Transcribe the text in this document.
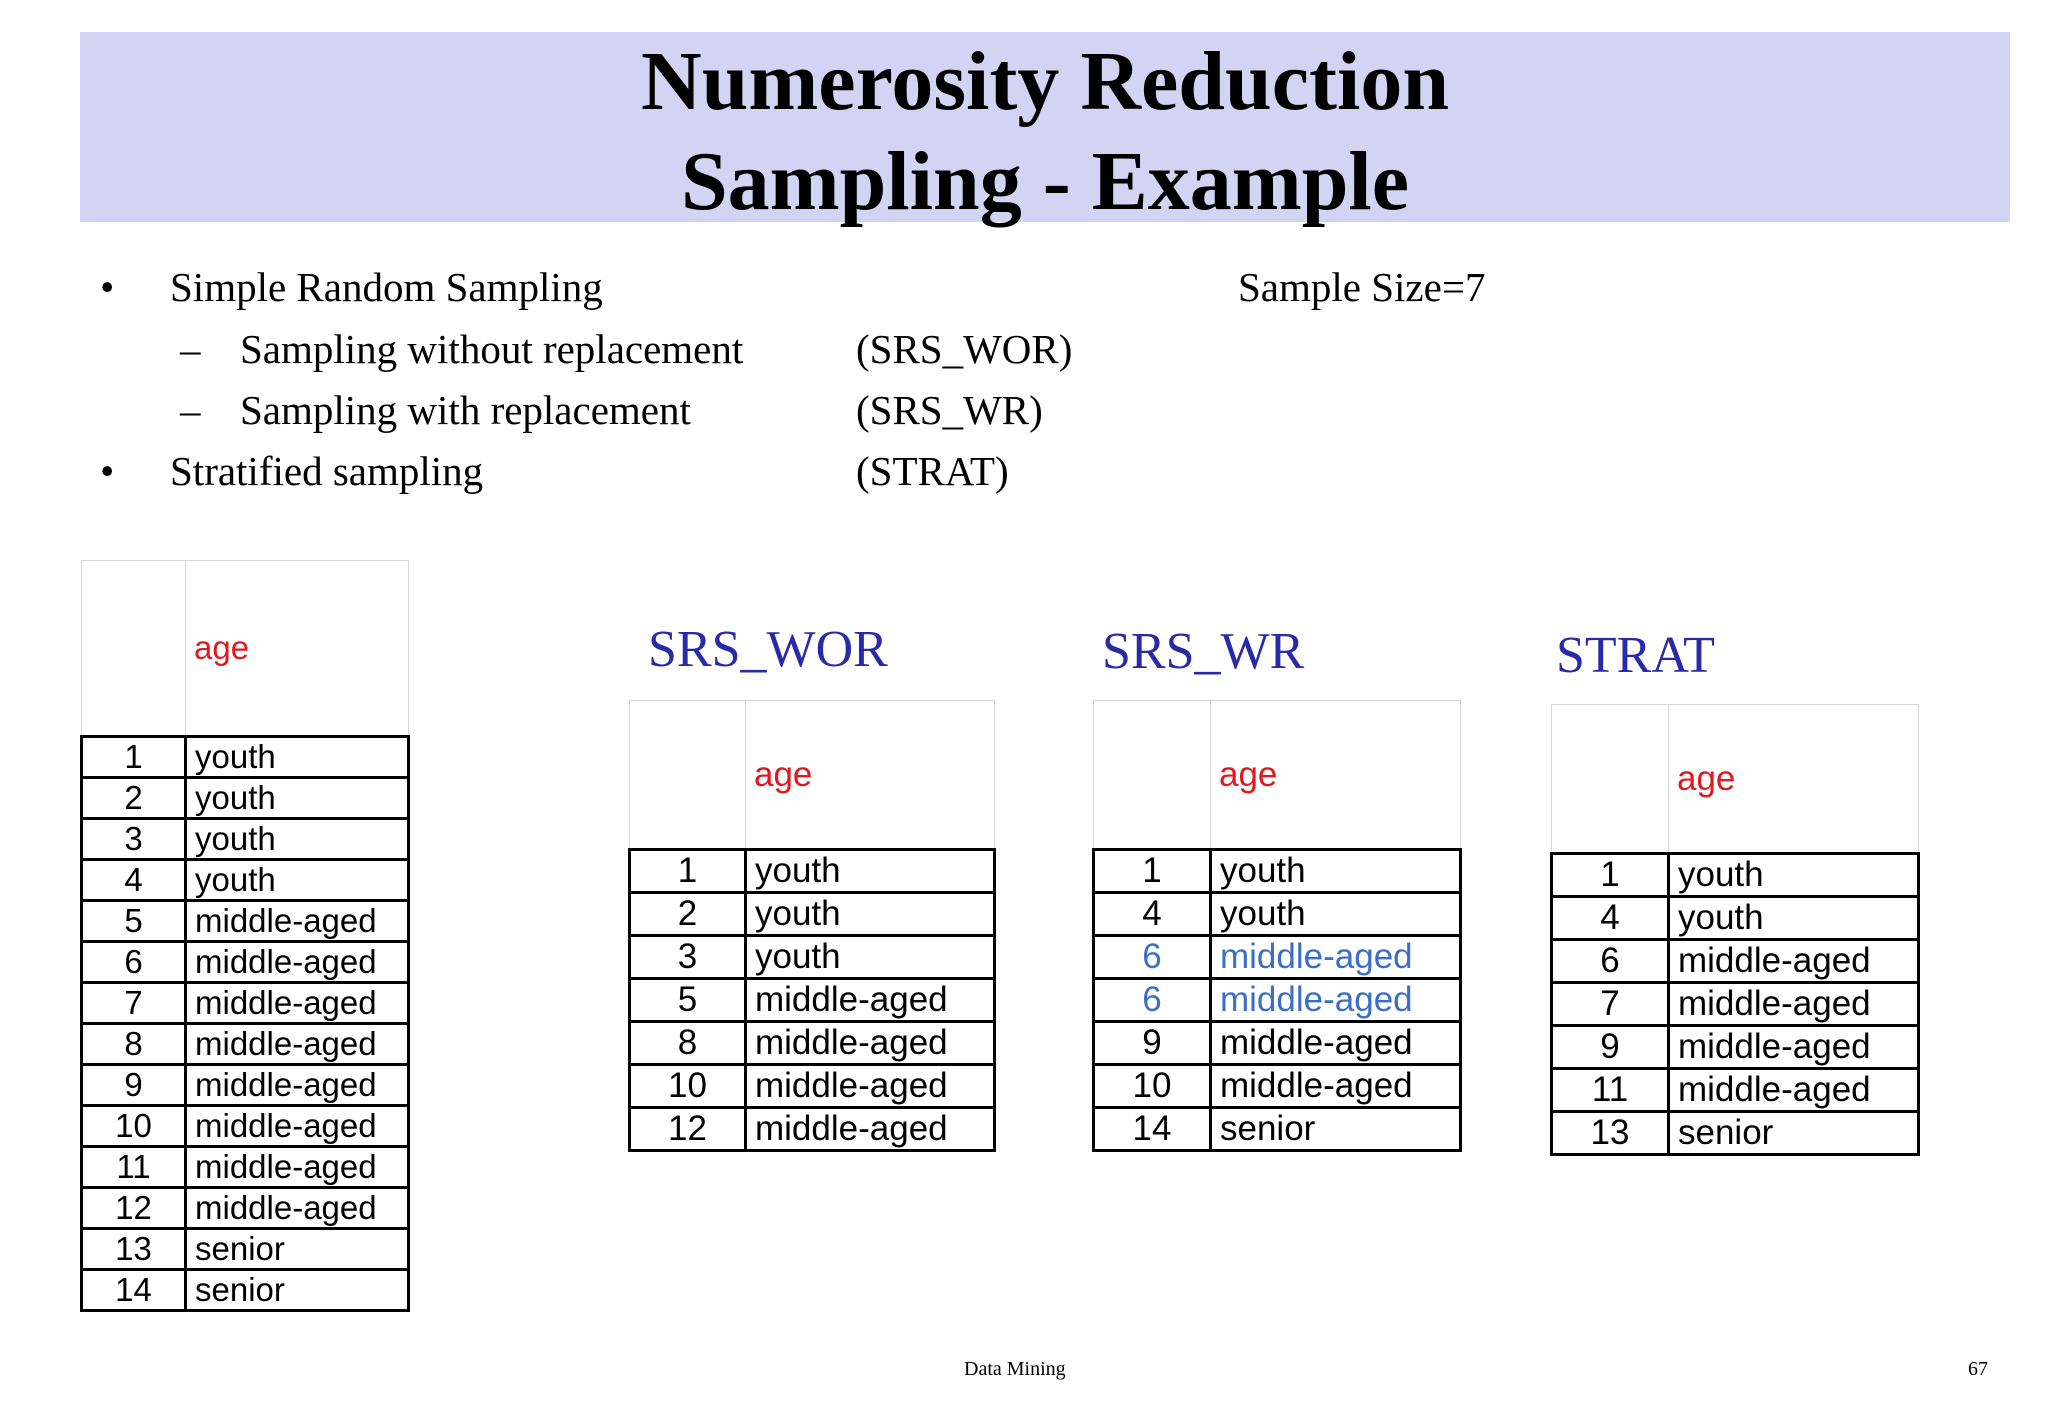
Numerosity Reduction
Sampling - Example
• Simple Random Sampling	Sample Size=7
– Sampling without replacement	(SRS_WOR)
– Sampling with replacement	(SRS_WR)
• Stratified sampling	(STRAT)
	age
1	youth
2	youth
3	youth
4	youth
5	middle-aged
6	middle-aged
7	middle-aged
8	middle-aged
9	middle-aged
10	middle-aged
11	middle-aged
12	middle-aged
13	senior
14	senior
SRS_WOR	SRS_WR	STRAT
	age
1	youth
2	youth
3	youth
5	middle-aged
8	middle-aged
10	middle-aged
12	middle-aged
	age
1	youth
4	youth
6	middle-aged
6	middle-aged
9	middle-aged
10	middle-aged
14	senior
	age
1	youth
4	youth
6	middle-aged
7	middle-aged
9	middle-aged
11	middle-aged
13	senior
Data Mining	67
